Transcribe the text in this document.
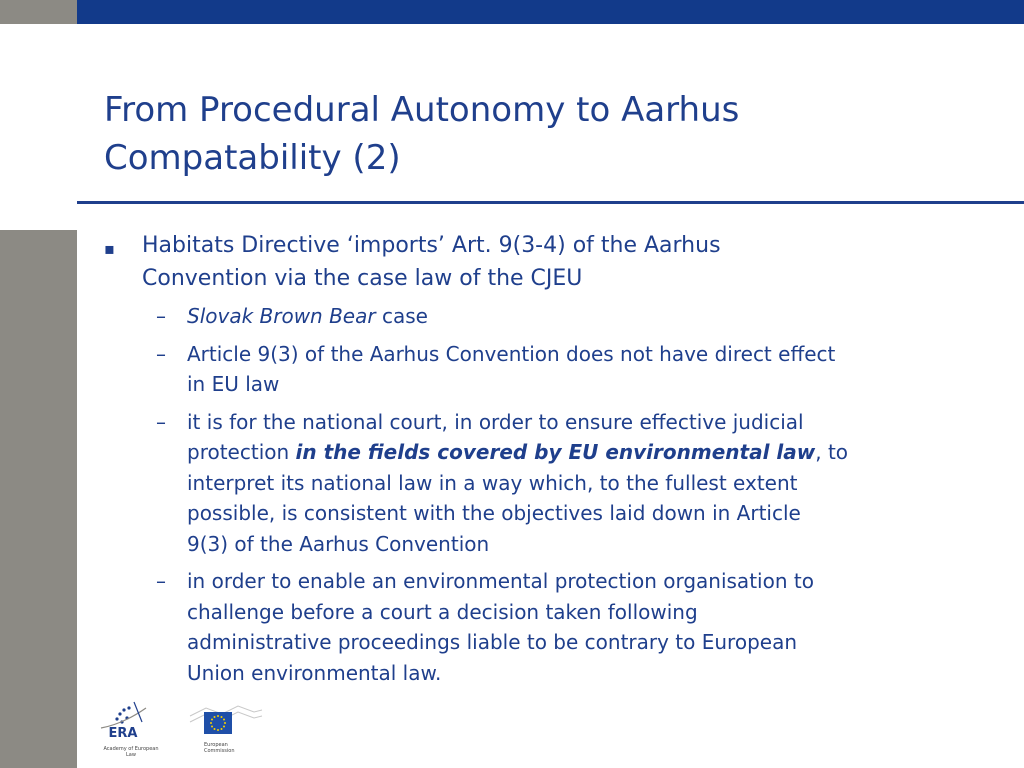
From Procedural Autonomy to Aarhus
Compatability (2)
▪ Habitats Directive ‘imports’ Art. 9(3-4) of the Aarhus
Convention via the case law of the CJEU
– Slovak Brown Bear case
– Article 9(3) of the Aarhus Convention does not have direct effect
in EU law
– it is for the national court, in order to ensure effective judicial
protection in the fields covered by EU environmental law, to
interpret its national law in a way which, to the fullest extent
possible, is consistent with the objectives laid down in Article
9(3) of the Aarhus Convention
– in order to enable an environmental protection organisation to
challenge before a court a decision taken following
administrative proceedings liable to be contrary to European
Union environmental law.
ERA
Academy of European Law
European
Commission
